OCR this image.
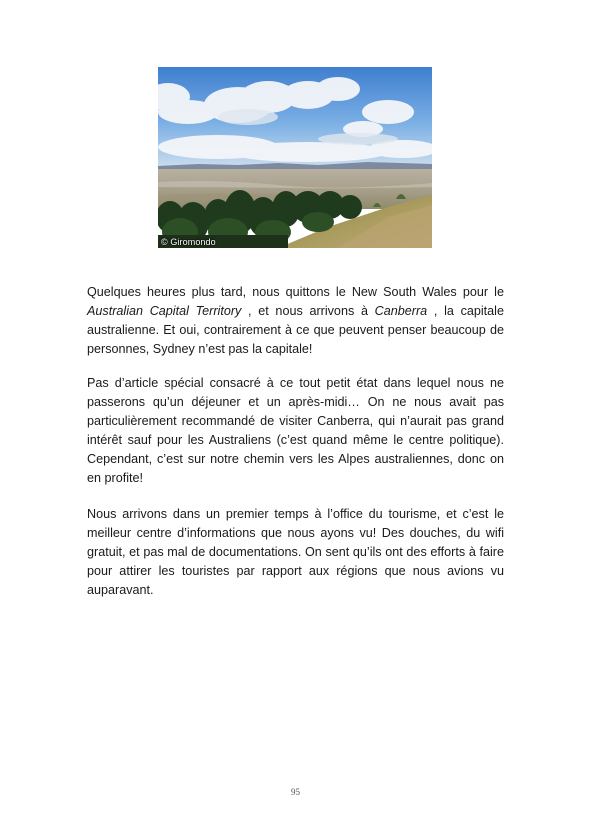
© Giromondo

Quelques heures plus tard, nous quittons le New South Wales pour le Australian Capital Territory , et nous arrivons à Canberra , la capitale australienne. Et oui, contrairement à ce que peuvent penser beaucoup de personnes, Sydney n’est pas la capitale!

Pas d’article spécial consacré à ce tout petit état dans lequel nous ne passerons qu’un déjeuner et un après-midi… On ne nous avait pas particulièrement recommandé de visiter Canberra, qui n’aurait pas grand intérêt sauf pour les Australiens (c’est quand même le centre politique). Cependant, c’est sur notre chemin vers les Alpes australiennes, donc on en profite!

Nous arrivons dans un premier temps à l’office du tourisme, et c’est le meilleur centre d’informations que nous ayons vu! Des douches, du wifi gratuit, et pas mal de documentations. On sent qu’ils ont des efforts à faire pour attirer les touristes par rapport aux régions que nous avions vu auparavant.

95
